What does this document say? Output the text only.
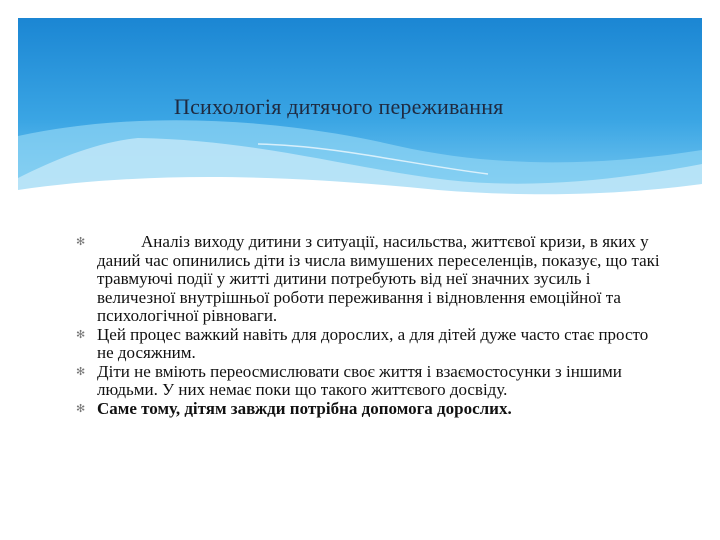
Психологія дитячого переживання
✻	Аналіз виходу дитини з ситуації, насильства, життєвої кризи, в яких у даний час опинились діти із числа вимушених переселенців, показує, що такі травмуючі події у житті дитини потребують від неї значних зусиль і величезної внутрішньої роботи переживання і відновлення емоційної та психологічної рівноваги.
✻ Цей процес важкий навіть для дорослих, а для дітей дуже часто стає просто не досяжним.
✻ Діти не вміють переосмислювати своє життя і взаємостосунки з іншими людьми. У них немає поки що такого життєвого досвіду.
✻ Саме тому, дітям завжди потрібна допомога дорослих.
